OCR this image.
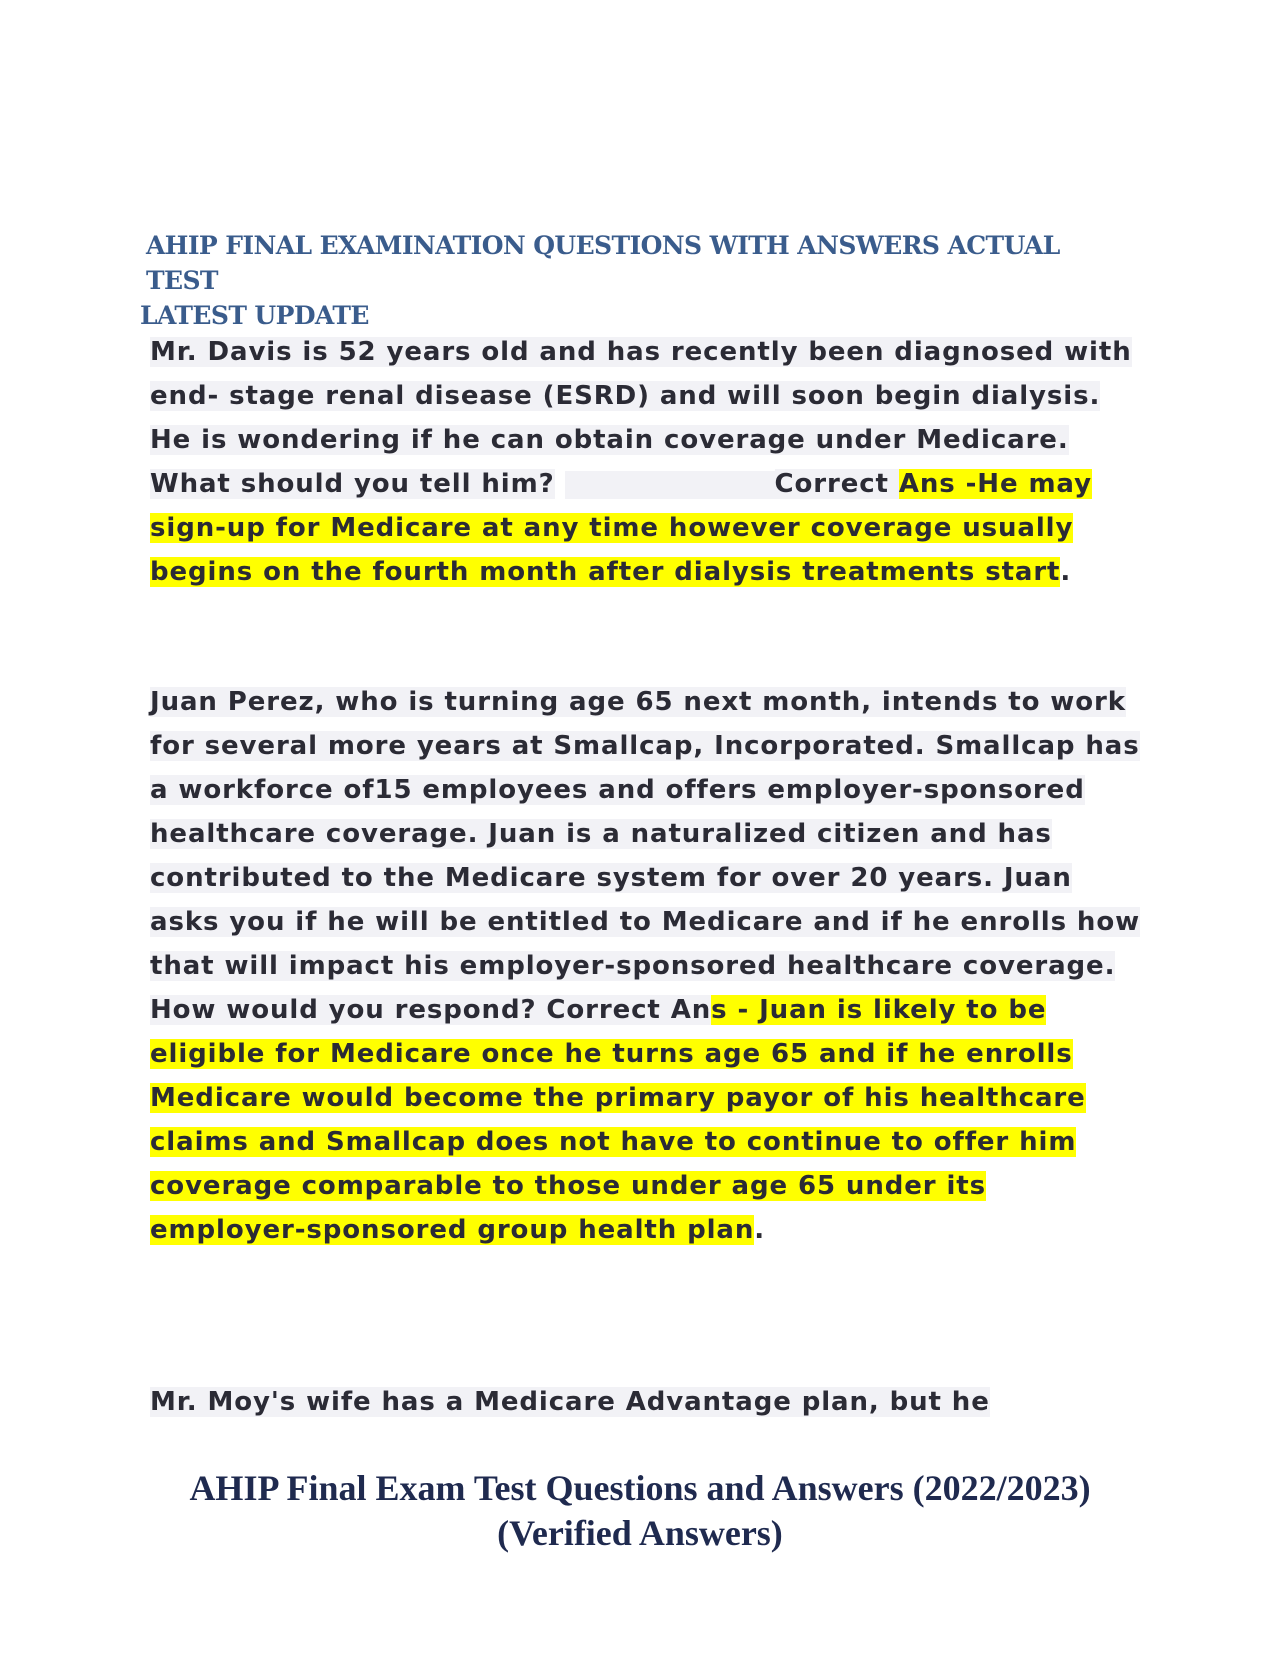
AHIP FINAL EXAMINATION QUESTIONS WITH ANSWERS ACTUAL TEST
LATEST UPDATE
Mr. Davis is 52 years old and has recently been diagnosed with end- stage renal disease (ESRD) and will soon begin dialysis. He is wondering if he can obtain coverage under Medicare. What should you tell him?	Correct Ans -He may sign-up for Medicare at any time however coverage usually begins on the fourth month after dialysis treatments start.
Juan Perez, who is turning age 65 next month, intends to work for several more years at Smallcap, Incorporated. Smallcap has a workforce of15 employees and offers employer-sponsored healthcare coverage. Juan is a naturalized citizen and has contributed to the Medicare system for over 20 years. Juan asks you if he will be entitled to Medicare and if he enrolls how that will impact his employer-sponsored healthcare coverage. How would you respond? Correct Ans - Juan is likely to be eligible for Medicare once he turns age 65 and if he enrolls Medicare would become the primary payor of his healthcare claims and Smallcap does not have to continue to offer him coverage comparable to those under age 65 under its employer-sponsored group health plan.
Mr. Moy's wife has a Medicare Advantage plan, but he
AHIP Final Exam Test Questions and Answers (2022/2023)
(Verified Answers)
